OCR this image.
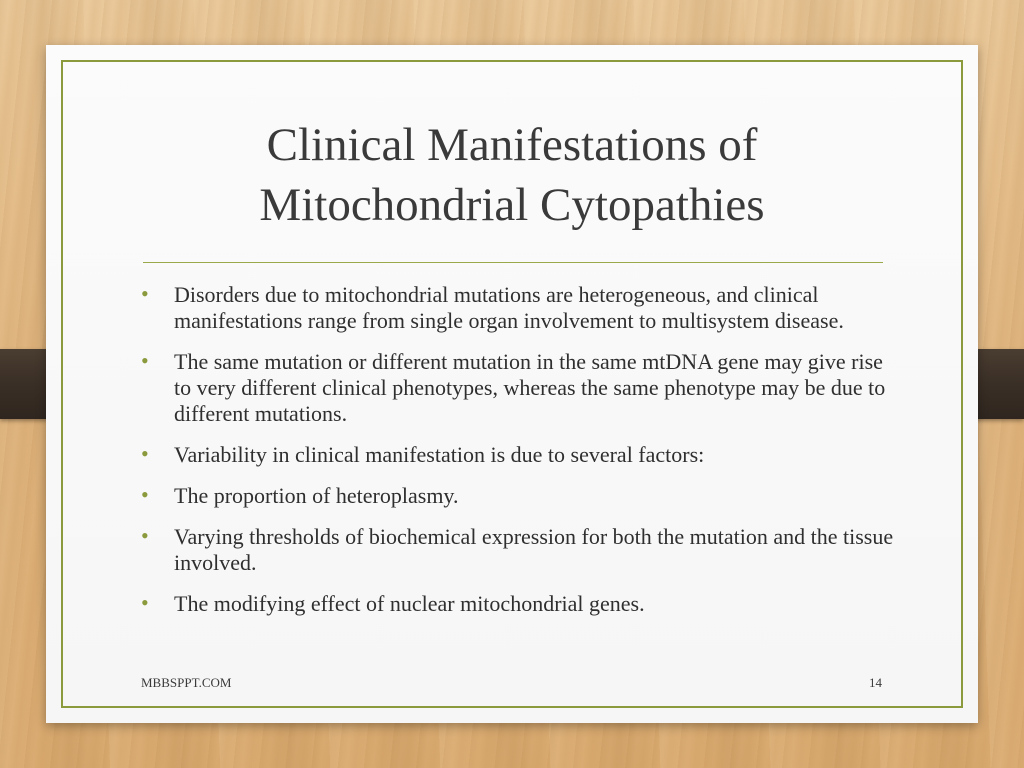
Clinical Manifestations of
Mitochondrial Cytopathies
• Disorders due to mitochondrial mutations are heterogeneous, and clinical manifestations range from single organ involvement to multisystem disease.
• The same mutation or different mutation in the same mtDNA gene may give rise to very different clinical phenotypes, whereas the same phenotype may be due to different mutations.
• Variability in clinical manifestation is due to several factors:
• The proportion of heteroplasmy.
• Varying thresholds of biochemical expression for both the mutation and the tissue involved.
• The modifying effect of nuclear mitochondrial genes.
MBBSPPT.COM	14
